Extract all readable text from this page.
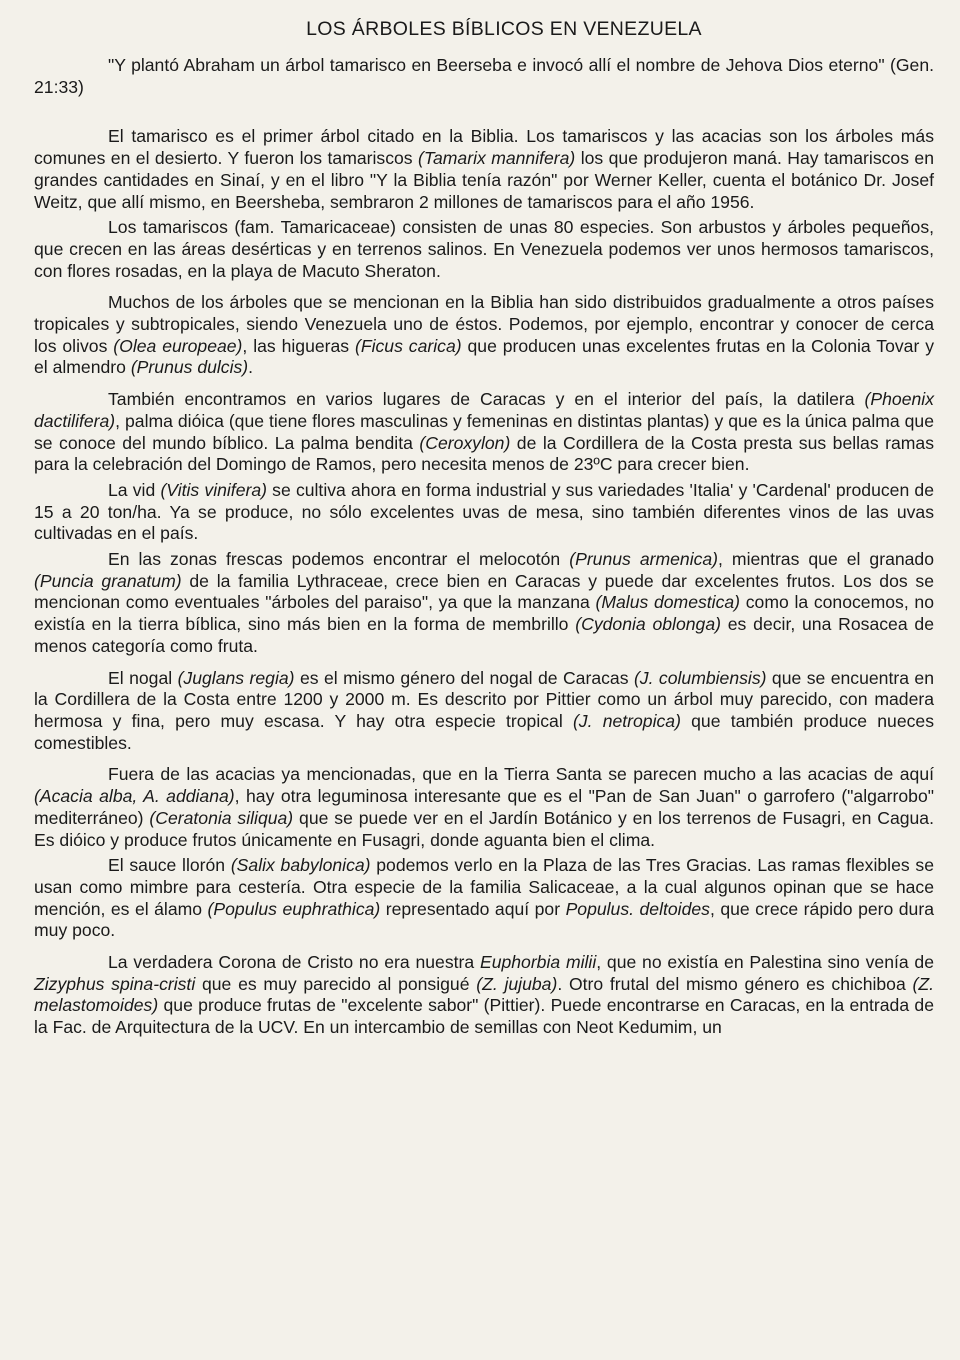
LOS ÁRBOLES BÍBLICOS EN VENEZUELA

"Y plantó Abraham un árbol tamarisco en Beerseba e invocó allí el nombre de Jehova Dios eterno" (Gen. 21:33)

El tamarisco es el primer árbol citado en la Biblia. Los tamariscos y las acacias son los árboles más comunes en el desierto. Y fueron los tamariscos (Tamarix mannifera) los que produjeron maná. Hay tamariscos en grandes cantidades en Sinaí, y en el libro "Y la Biblia tenía razón" por Werner Keller, cuenta el botánico Dr. Josef Weitz, que allí mismo, en Beersheba, sembraron 2 millones de tamariscos para el año 1956.

Los tamariscos (fam. Tamaricaceae) consisten de unas 80 especies. Son arbustos y árboles pequeños, que crecen en las áreas desérticas y en terrenos salinos. En Venezuela podemos ver unos hermosos tamariscos, con flores rosadas, en la playa de Macuto Sheraton.

Muchos de los árboles que se mencionan en la Biblia han sido distribuidos gradualmente a otros países tropicales y subtropicales, siendo Venezuela uno de éstos. Podemos, por ejemplo, encontrar y conocer de cerca los olivos (Olea europeae), las higueras (Ficus carica) que producen unas excelentes frutas en la Colonia Tovar y el almendro (Prunus dulcis).

También encontramos en varios lugares de Caracas y en el interior del país, la datilera (Phoenix dactilifera), palma dióica (que tiene flores masculinas y femeninas en distintas plantas) y que es la única palma que se conoce del mundo bíblico. La palma bendita (Ceroxylon) de la Cordillera de la Costa presta sus bellas ramas para la celebración del Domingo de Ramos, pero necesita menos de 23ºC para crecer bien.

La vid (Vitis vinifera) se cultiva ahora en forma industrial y sus variedades 'Italia' y 'Cardenal' producen de 15 a 20 ton/ha. Ya se produce, no sólo excelentes uvas de mesa, sino también diferentes vinos de las uvas cultivadas en el país.

En las zonas frescas podemos encontrar el melocotón (Prunus armenica), mientras que el granado (Puncia granatum) de la familia Lythraceae, crece bien en Caracas y puede dar excelentes frutos. Los dos se mencionan como eventuales "árboles del paraiso", ya que la manzana (Malus domestica) como la conocemos, no existía en la tierra bíblica, sino más bien en la forma de membrillo (Cydonia oblonga) es decir, una Rosacea de menos categoría como fruta.

El nogal (Juglans regia) es el mismo género del nogal de Caracas (J. columbiensis) que se encuentra en la Cordillera de la Costa entre 1200 y 2000 m. Es descrito por Pittier como un árbol muy parecido, con madera hermosa y fina, pero muy escasa. Y hay otra especie tropical (J. netropica) que también produce nueces comestibles.

Fuera de las acacias ya mencionadas, que en la Tierra Santa se parecen mucho a las acacias de aquí (Acacia alba, A. addiana), hay otra leguminosa interesante que es el "Pan de San Juan" o garrofero ("algarrobo" mediterráneo) (Ceratonia siliqua) que se puede ver en el Jardín Botánico y en los terrenos de Fusagri, en Cagua. Es dióico y produce frutos únicamente en Fusagri, donde aguanta bien el clima.

El sauce llorón (Salix babylonica) podemos verlo en la Plaza de las Tres Gracias. Las ramas flexibles se usan como mimbre para cestería. Otra especie de la familia Salicaceae, a la cual algunos opinan que se hace mención, es el álamo (Populus euphrathica) representado aquí por Populus. deltoides, que crece rápido pero dura muy poco.

La verdadera Corona de Cristo no era nuestra Euphorbia milii, que no existía en Palestina sino venía de Zizyphus spina-cristi que es muy parecido al ponsigué (Z. jujuba). Otro frutal del mismo género es chichiboa (Z. melastomoides) que produce frutas de "excelente sabor" (Pittier). Puede encontrarse en Caracas, en la entrada de la Fac. de Arquitectura de la UCV. En un intercambio de semillas con Neot Kedumim, un
